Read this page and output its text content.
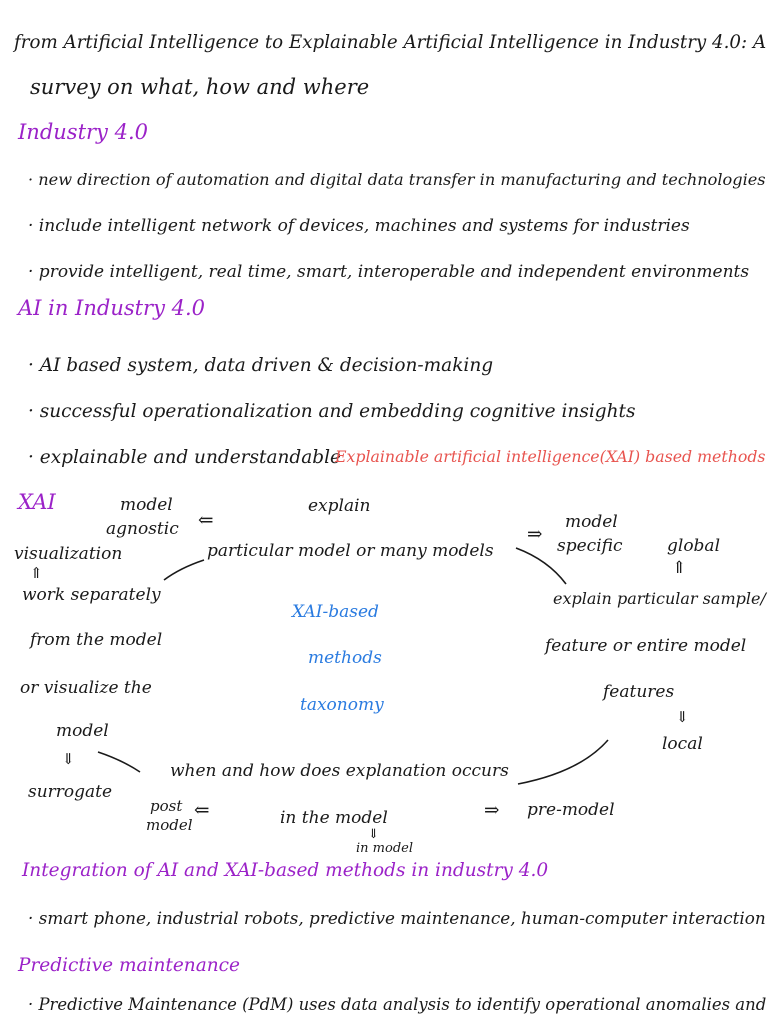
from Artificial Intelligence to Explainable Artificial Intelligence in Industry 4.0: A
survey on what, how and where
Industry 4.0
· new direction of automation and digital data transfer in manufacturing and technologies
· include intelligent network of devices, machines and systems for industries
· provide intelligent, real time, smart, interoperable and independent environments
AI in Industry 4.0
· AI based system, data driven & decision-making
· successful operationalization and embedding cognitive insights
· explainable and understandable
Explainable artificial intelligence(XAI) based methods
XAI	explain
model
agnostic ⇐	model
specific
⇒
particular model or many models
visualization
⇑
work separately
from the model
or visualize the
model
⇓
surrogate
XAI-based
methods
taxonomy
global
⇑
explain particular sample/
feature or entire model
features
⇓
local
when and how does explanation occurs
post
model
⇐	in the model
⇓
in model
⇒ pre-model
Integration of AI and XAI-based methods in industry 4.0
· smart phone, industrial robots, predictive maintenance, human-computer interaction
Predictive maintenance
· Predictive Maintenance (PdM) uses data analysis to identify operational anomalies and
